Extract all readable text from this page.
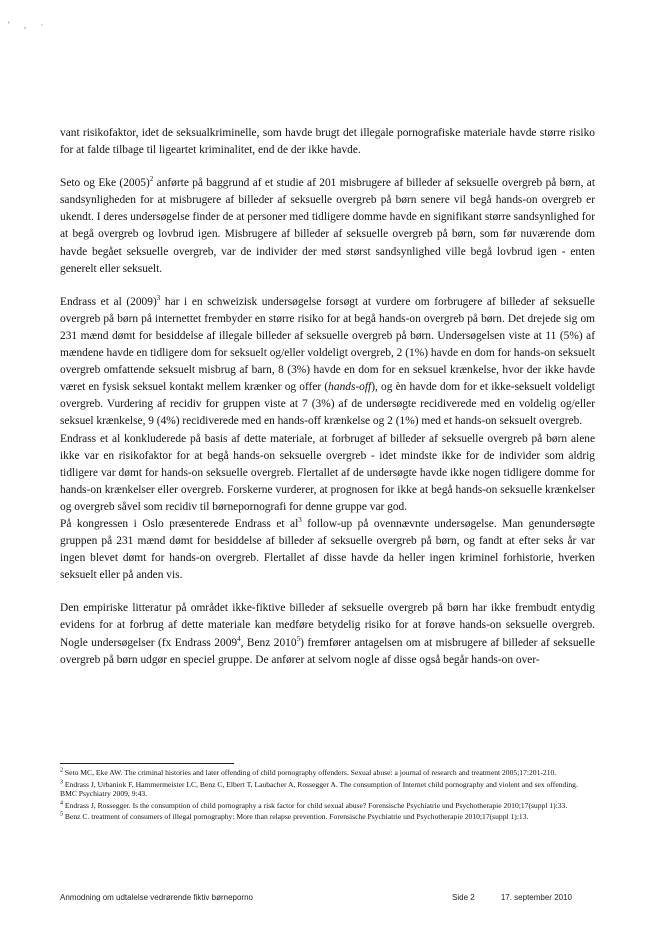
' , ·

vant risikofaktor, idet de seksualkriminelle, som havde brugt det illegale pornografiske materiale havde større risiko for at falde tilbage til ligeartet kriminalitet, end de der ikke havde.

Seto og Eke $(2005)^2$ anførte på baggrund af et studie af 201 misbrugere af billeder af seksuelle overgreb på børn, at sandsynligheden for at misbrugere af billeder af seksuelle overgreb på børn senere vil begå hands-on overgreb er ukendt. I deres undersøgelse finder de at personer med tidligere domme havde en signifikant større sandsynlighed for at begå overgreb og lovbrud igen. Misbrugere af billeder af seksuelle overgreb på børn, som før nuværende dom havde begået seksuelle overgreb, var de individer der med størst sandsynlighed ville begå lovbrud igen - enten generelt eller seksuelt.

Endrass et al $(2009)^3$ har i en schweizisk undersøgelse forsøgt at vurdere om forbrugere af billeder af seksuelle overgreb på børn på internettet frembyder en større risiko for at begå hands-on overgreb på børn. Det drejede sig om 231 mænd dømt for besiddelse af illegale billeder af seksuelle overgreb på børn. Undersøgelsen viste at 11 (5%) af mændene havde en tidligere dom for seksuelt og/eller voldeligt overgreb, 2 (1%) havde en dom for hands-on seksuelt overgreb omfattende seksuelt misbrug af barn, 8 (3%) havde en dom for en seksuel krænkelse, hvor der ikke havde været en fysisk seksuel kontakt mellem krænker og offer (hands-off), og èn havde dom for et ikke-seksuelt voldeligt overgreb. Vurdering af recidiv for gruppen viste at 7 (3%) af de undersøgte recidiverede med en voldelig og/eller seksuel krænkelse, 9 (4%) recidiverede med en hands-off krænkelse og 2 (1%) med et hands-on seksuelt overgreb.

Endrass et al konkluderede på basis af dette materiale, at forbruget af billeder af seksuelle overgreb på børn alene ikke var en risikofaktor for at begå hands-on seksuelle overgreb - idet mindste ikke for de individer som aldrig tidligere var dømt for hands-on seksuelle overgreb. Flertallet af de undersøgte havde ikke nogen tidligere domme for hands-on krænkelser eller overgreb. Forskerne vurderer, at prognosen for ikke at begå hands-on seksuelle krænkelser og overgreb såvel som recidiv til børnepornografi for denne gruppe var god.

På kongressen i Oslo præsenterede Endrass et $al^3$ follow-up på ovennævnte undersøgelse. Man genundersøgte gruppen på 231 mænd dømt for besiddelse af billeder af seksuelle overgreb på børn, og fandt at efter seks år var ingen blevet dømt for hands-on overgreb. Flertallet af disse havde da heller ingen kriminel forhistorie, hverken seksuelt eller på anden vis.

Den empiriske litteratur på området ikke-fiktive billeder af seksuelle overgreb på børn har ikke frembudt entydig evidens for at forbrug af dette materiale kan medføre betydelig risiko for at forøve hands-on seksuelle overgreb. Nogle undersøgelser (fx Endrass 2009$^4$, Benz 2010$^5$) fremfører antagelsen om at misbrugere af billeder af seksuelle overgreb på børn udgør en speciel gruppe. De anfører at selvom nogle af disse også begår hands-on over-

$^2$ Seto MC, Eke AW. The criminal histories and later offending of child pornography offenders. Sexual abuse: a journal of research and treatment 2005;17:201-210.

$^3$ Endrass J, Urbaniok F, Hammermeister LC, Benz C, Elbert T, Laubacher A, Rossegger A. The consumption of Internet child pornography and violent and sex offending. BMC Psychiatry 2009, 9:43.

$^4$ Endrass J, Rossegger. Is the consumption of child pornography a risk factor for child sexual abuse? Forensische Psychiatrie und Psychotherapie 2010;17(suppl 1):33.

$^5$ Benz C. treatment of consumers of illegal pornography: More than relapse prevention. Forensische Psychiatrie und Psychotherapie 2010;17(suppl 1):13.

Anmodning om udtalelse vedrørende fiktiv børneporno	Side 2	17. september 2010
